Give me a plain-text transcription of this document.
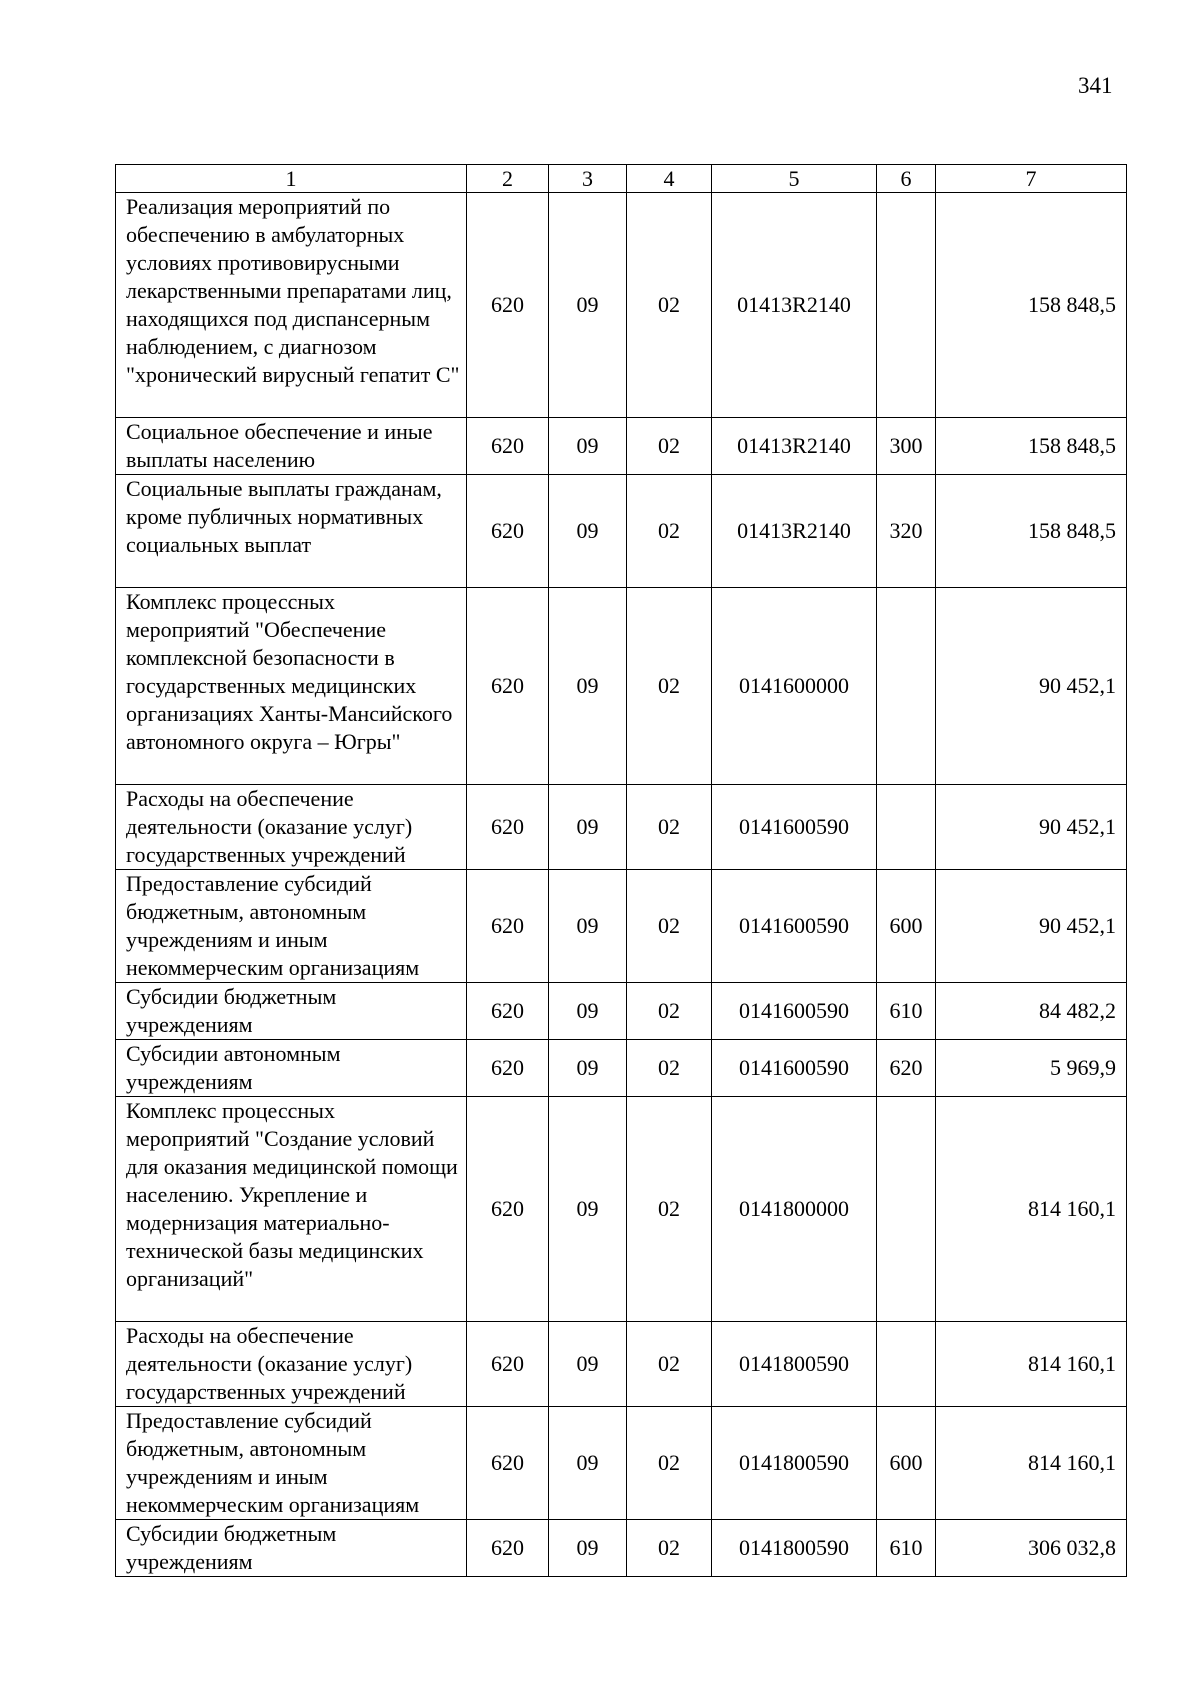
341
1	2	3	4	5	6	7
Реализация мероприятий по обеспечению в амбулаторных условиях противовирусными лекарственными препаратами лиц, находящихся под диспансерным наблюдением, с диагнозом "хронический вирусный гепатит С"	620	09	02	01413R2140		158 848,5
Социальное обеспечение и иные выплаты населению	620	09	02	01413R2140	300	158 848,5
Социальные выплаты гражданам, кроме публичных нормативных социальных выплат	620	09	02	01413R2140	320	158 848,5
Комплекс процессных мероприятий "Обеспечение комплексной безопасности в государственных медицинских организациях Ханты-Мансийского автономного округа – Югры"	620	09	02	0141600000		90 452,1
Расходы на обеспечение деятельности (оказание услуг) государственных учреждений	620	09	02	0141600590		90 452,1
Предоставление субсидий бюджетным, автономным учреждениям и иным некоммерческим организациям	620	09	02	0141600590	600	90 452,1
Субсидии бюджетным учреждениям	620	09	02	0141600590	610	84 482,2
Субсидии автономным учреждениям	620	09	02	0141600590	620	5 969,9
Комплекс процессных мероприятий "Создание условий для оказания медицинской помощи населению. Укрепление и модернизация материально-технической базы медицинских организаций"	620	09	02	0141800000		814 160,1
Расходы на обеспечение деятельности (оказание услуг) государственных учреждений	620	09	02	0141800590		814 160,1
Предоставление субсидий бюджетным, автономным учреждениям и иным некоммерческим организациям	620	09	02	0141800590	600	814 160,1
Субсидии бюджетным учреждениям	620	09	02	0141800590	610	306 032,8
